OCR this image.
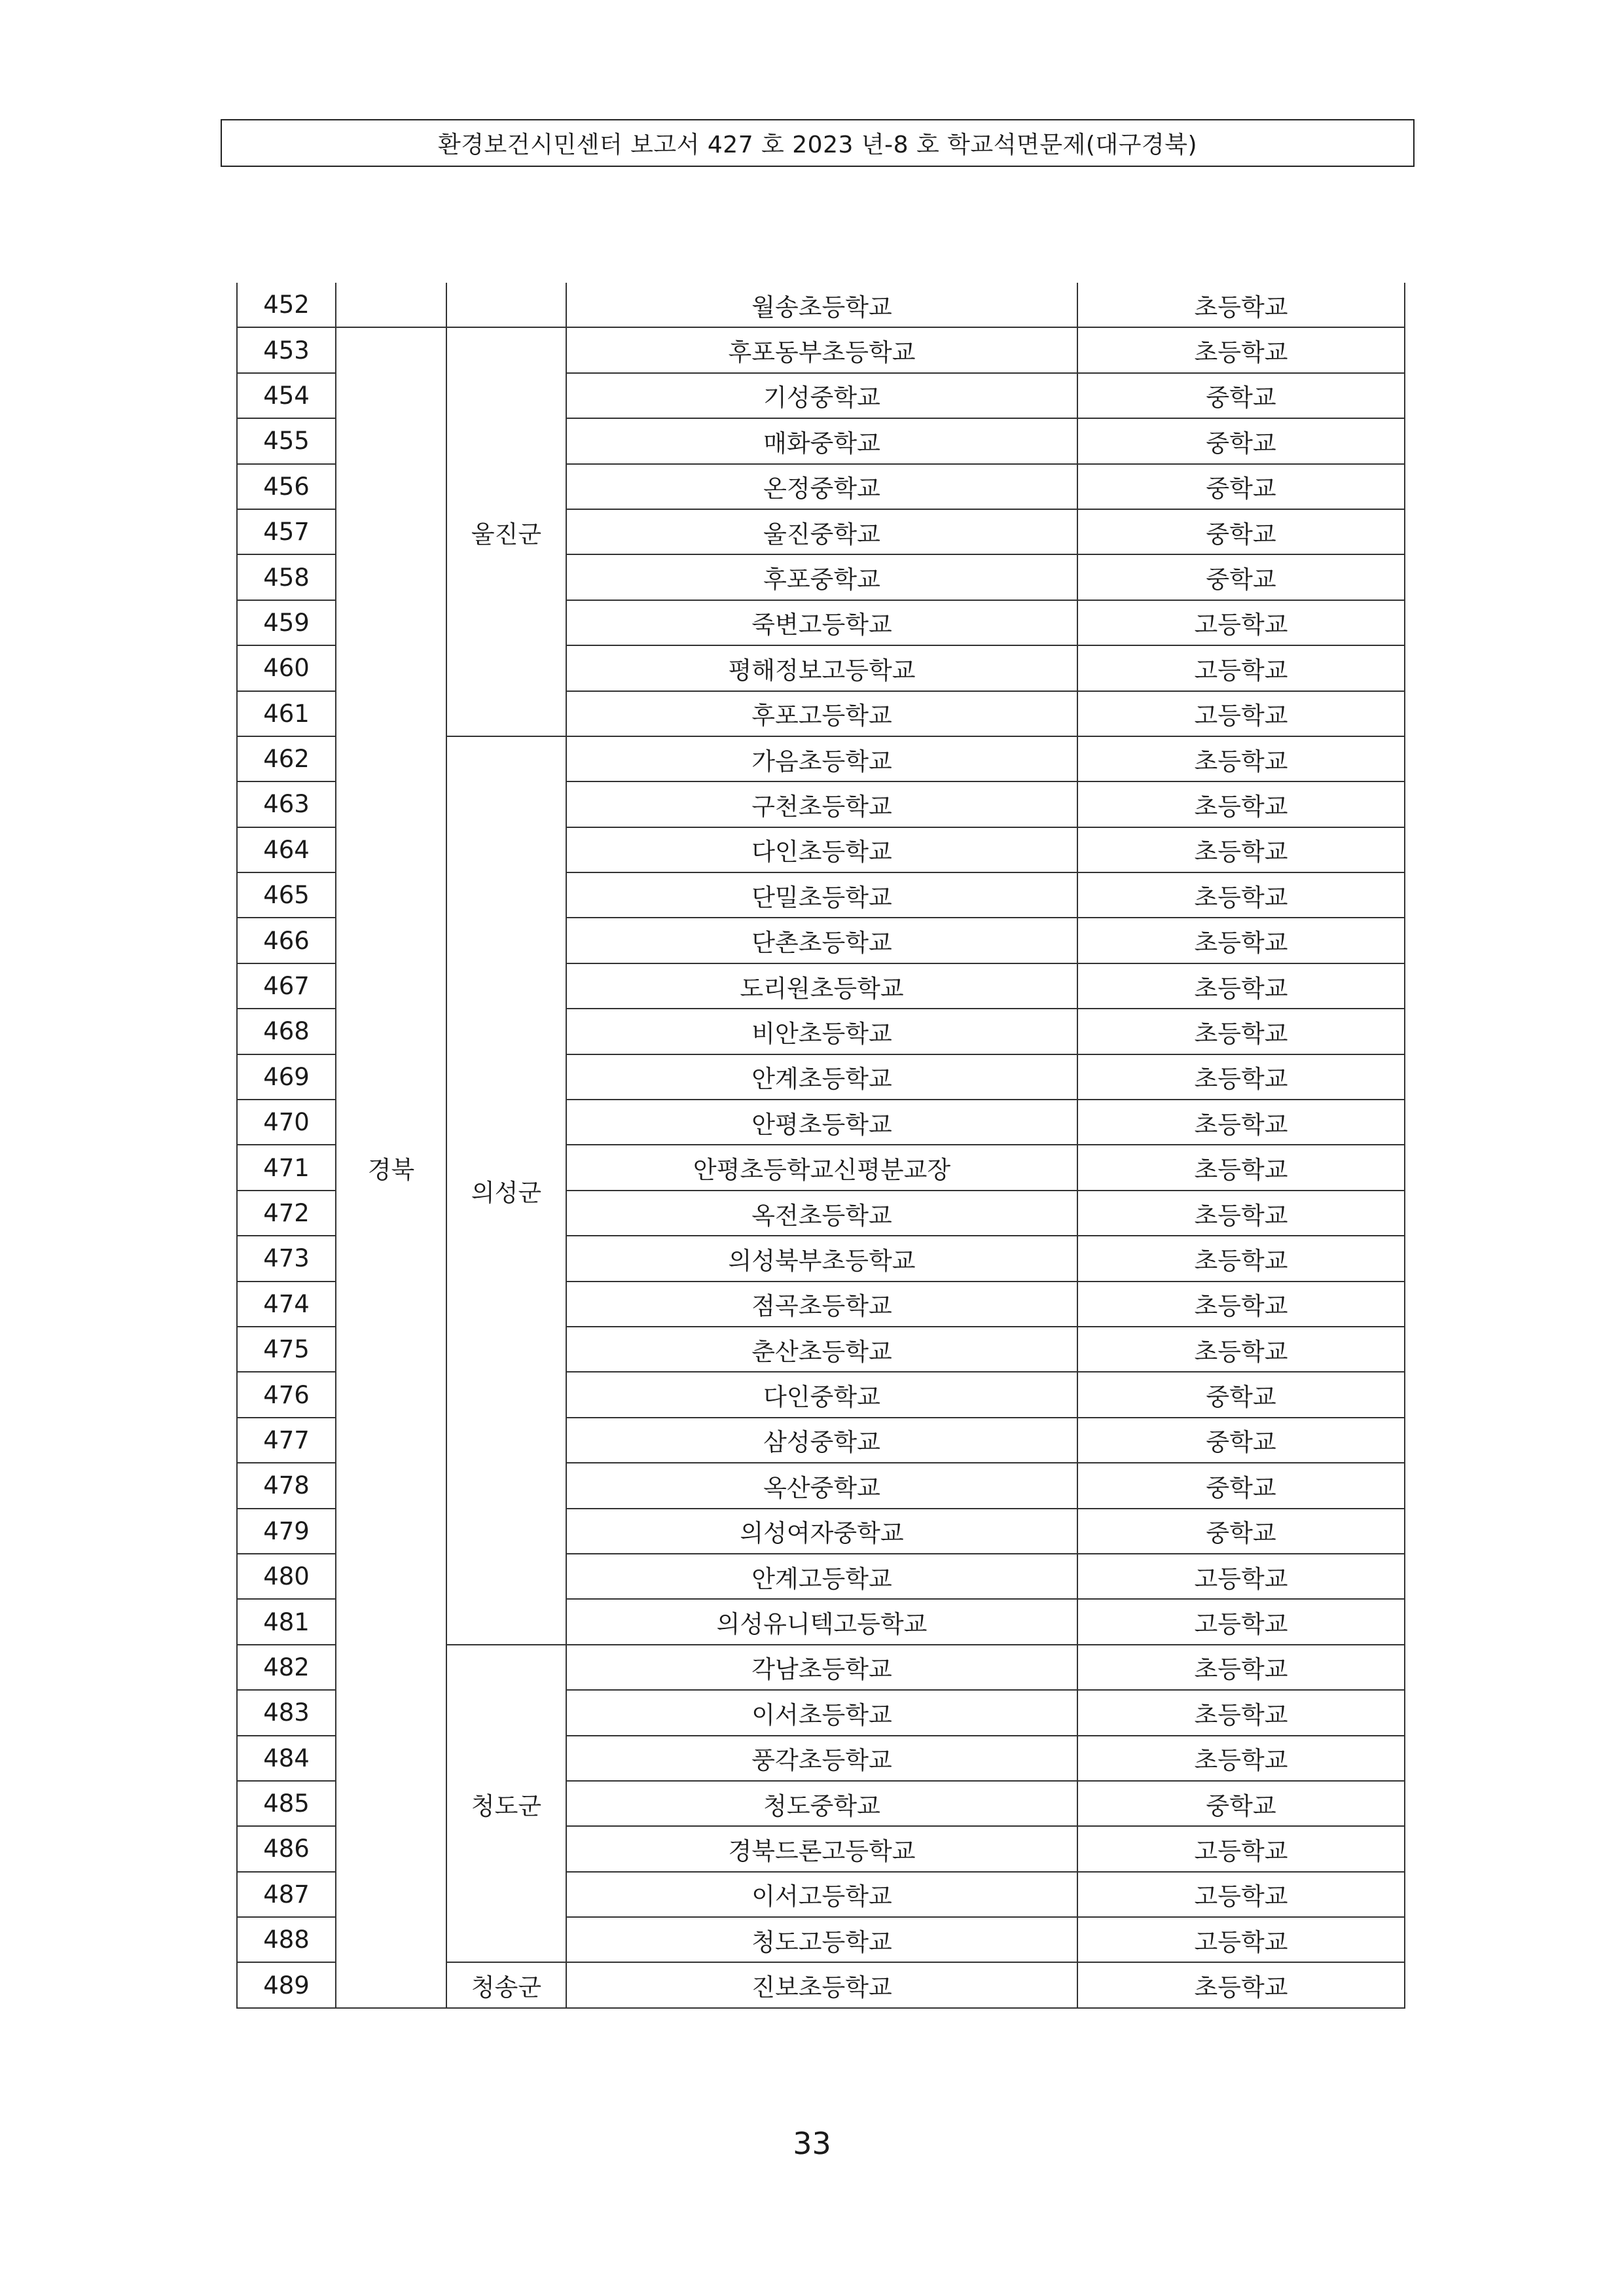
환경보건시민센터 보고서 427 호 2023 년-8 호 학교석면문제(대구경북)
452			월송초등학교	초등학교
453	경북	울진군	후포동부초등학교	초등학교
454			기성중학교	중학교
455			매화중학교	중학교
456			온정중학교	중학교
457			울진중학교	중학교
458			후포중학교	중학교
459			죽변고등학교	고등학교
460			평해정보고등학교	고등학교
461			후포고등학교	고등학교
462		의성군	가음초등학교	초등학교
463			구천초등학교	초등학교
464			다인초등학교	초등학교
465			단밀초등학교	초등학교
466			단촌초등학교	초등학교
467			도리원초등학교	초등학교
468			비안초등학교	초등학교
469			안계초등학교	초등학교
470			안평초등학교	초등학교
471			안평초등학교신평분교장	초등학교
472			옥전초등학교	초등학교
473			의성북부초등학교	초등학교
474			점곡초등학교	초등학교
475			춘산초등학교	초등학교
476			다인중학교	중학교
477			삼성중학교	중학교
478			옥산중학교	중학교
479			의성여자중학교	중학교
480			안계고등학교	고등학교
481			의성유니텍고등학교	고등학교
482		청도군	각남초등학교	초등학교
483			이서초등학교	초등학교
484			풍각초등학교	초등학교
485			청도중학교	중학교
486			경북드론고등학교	고등학교
487			이서고등학교	고등학교
488			청도고등학교	고등학교
489		청송군	진보초등학교	초등학교
33
